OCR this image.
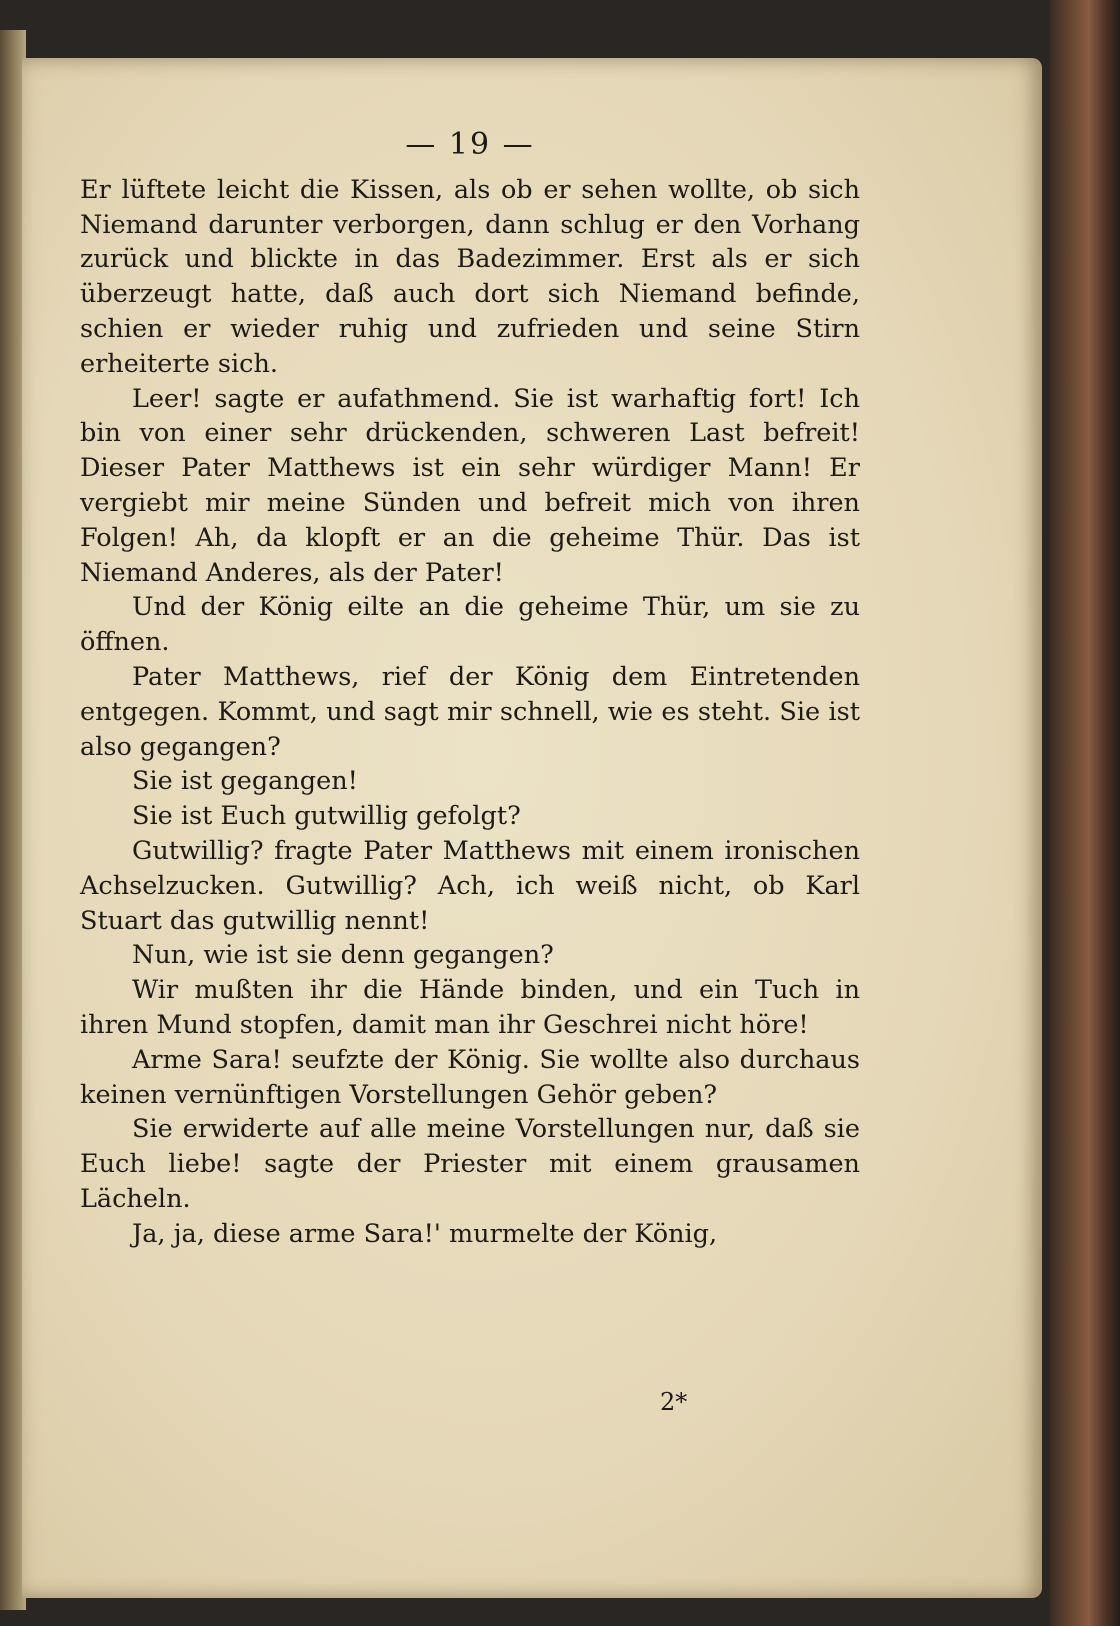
— 19 —

Er lüftete leicht die Kissen, als ob er sehen wollte, ob sich Niemand darunter verborgen, dann schlug er den Vorhang zurück und blickte in das Badezimmer. Erst als er sich überzeugt hatte, daß auch dort sich Niemand befinde, schien er wieder ruhig und zufrieden und seine Stirn erheiterte sich.

Leer! sagte er aufathmend. Sie ist warhaftig fort! Ich bin von einer sehr drückenden, schweren Last befreit! Dieser Pater Matthews ist ein sehr würdiger Mann! Er vergiebt mir meine Sünden und befreit mich von ihren Folgen! Ah, da klopft er an die geheime Thür. Das ist Niemand Anderes, als der Pater!

Und der König eilte an die geheime Thür, um sie zu öffnen.

Pater Matthews, rief der König dem Eintretenden entgegen. Kommt, und sagt mir schnell, wie es steht. Sie ist also gegangen?

Sie ist gegangen!

Sie ist Euch gutwillig gefolgt?

Gutwillig? fragte Pater Matthews mit einem ironischen Achselzucken. Gutwillig? Ach, ich weiß nicht, ob Karl Stuart das gutwillig nennt!

Nun, wie ist sie denn gegangen?

Wir mußten ihr die Hände binden, und ein Tuch in ihren Mund stopfen, damit man ihr Geschrei nicht höre!

Arme Sara! seufzte der König. Sie wollte also durchaus keinen vernünftigen Vorstellungen Gehör geben?

Sie erwiderte auf alle meine Vorstellungen nur, daß sie Euch liebe! sagte der Priester mit einem grausamen Lächeln.

Ja, ja, diese arme Sara!' murmelte der König,

2*
